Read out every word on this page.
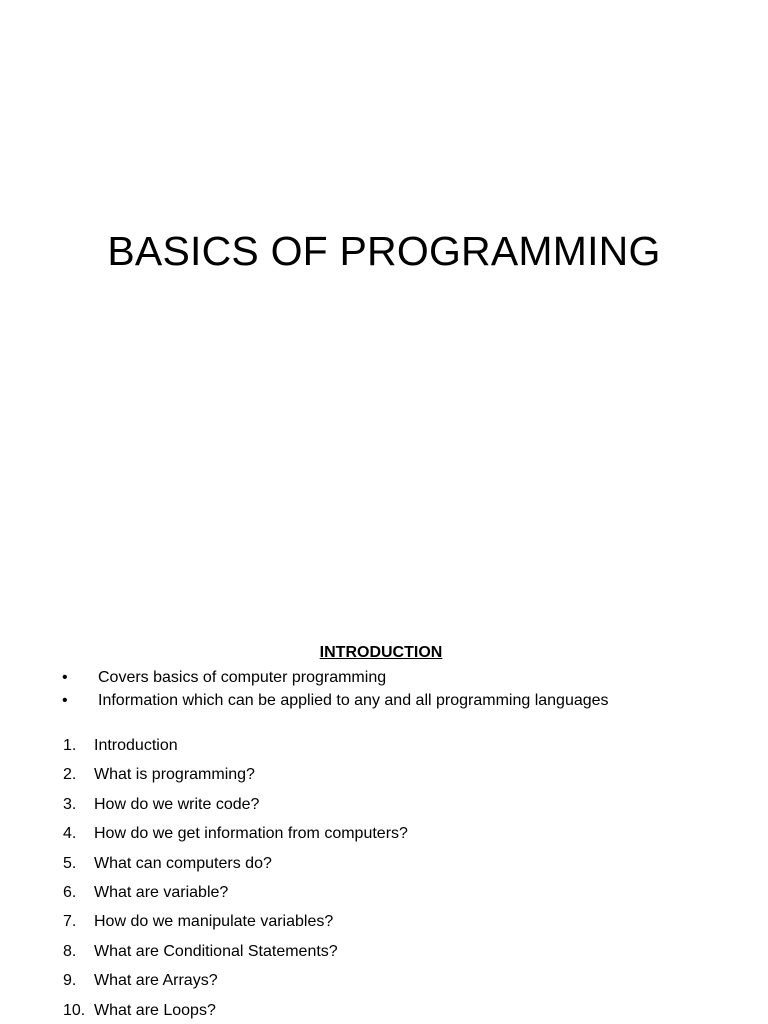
BASICS OF PROGRAMMING
INTRODUCTION
•	Covers basics of computer programming
•	Information which can be applied to any and all programming languages
1.	Introduction
2.	What is programming?
3.	How do we write code?
4.	How do we get information from computers?
5.	What can computers do?
6.	What are variable?
7.	How do we manipulate variables?
8.	What are Conditional Statements?
9.	What are Arrays?
10. What are Loops?
